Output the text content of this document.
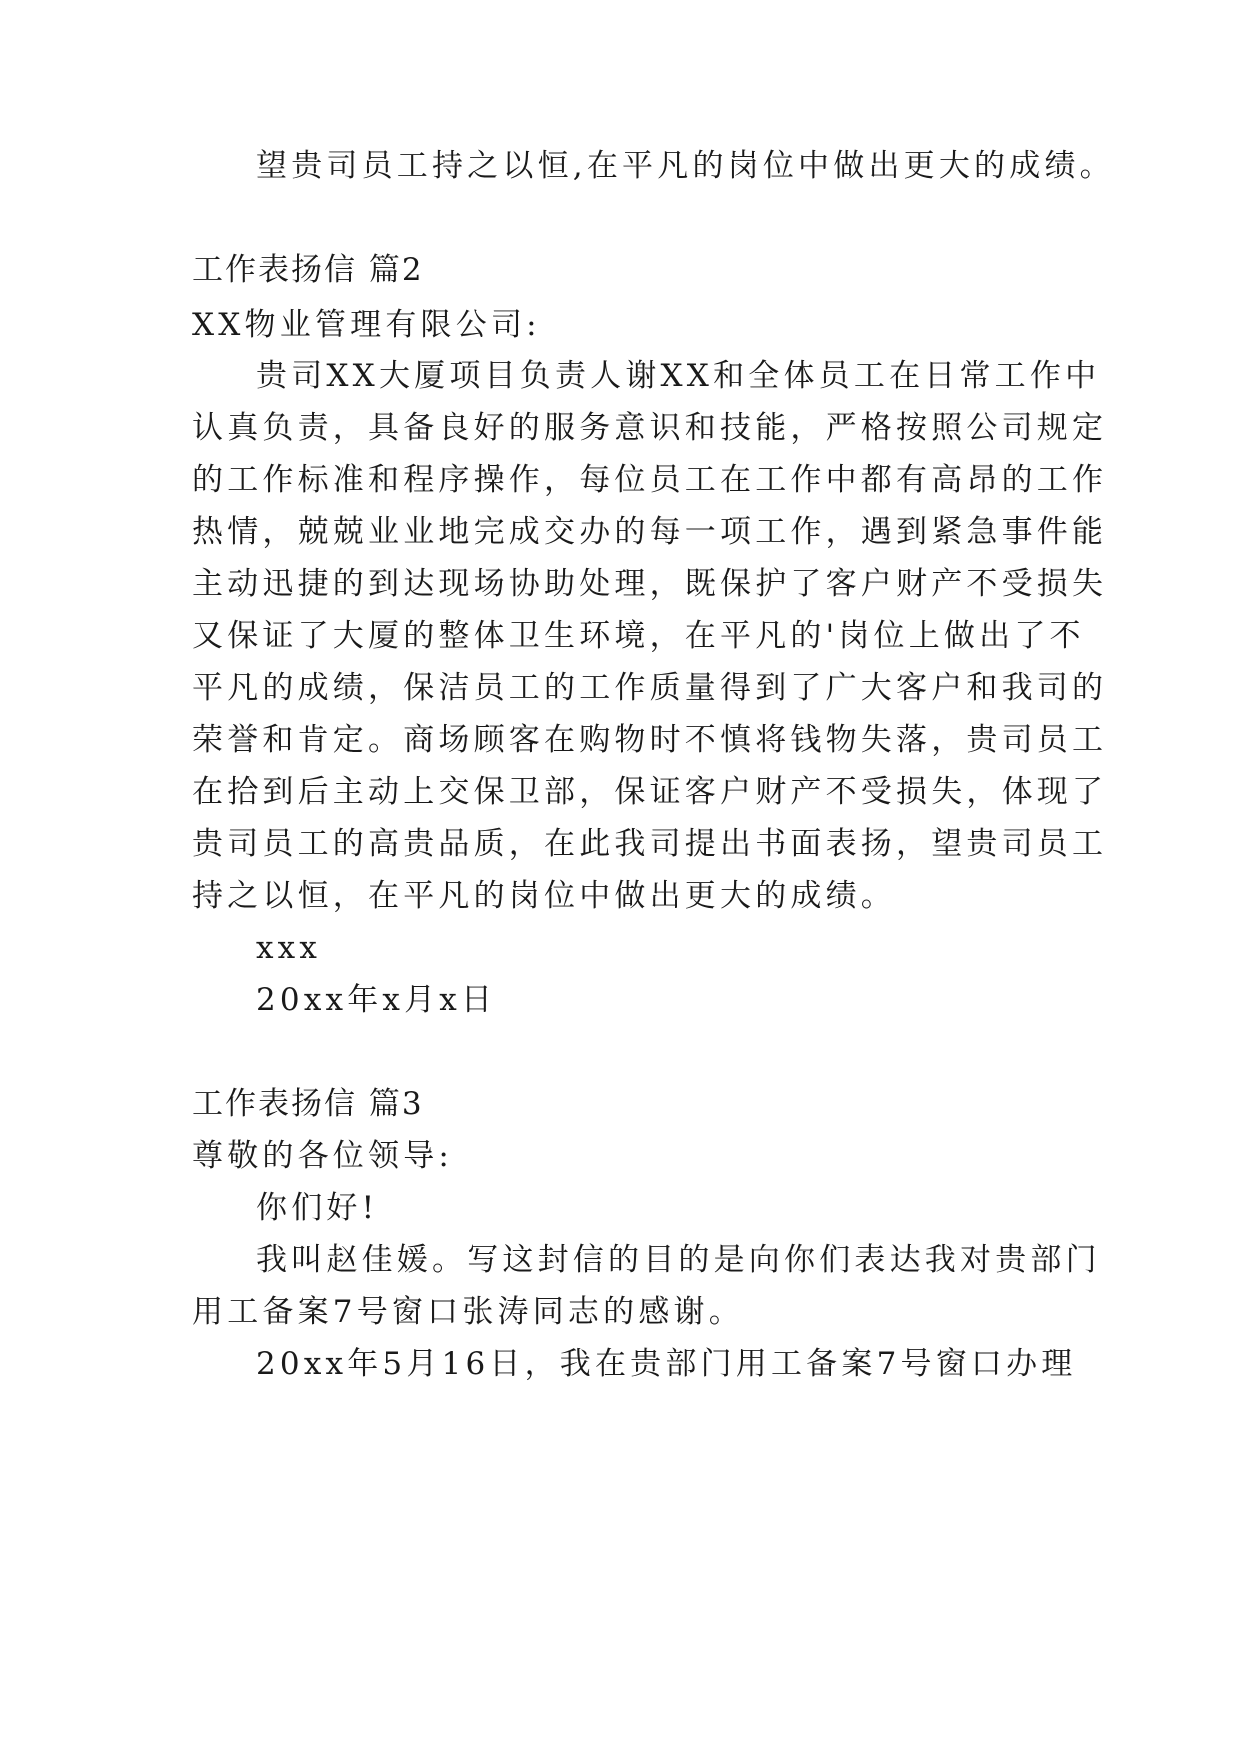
望贵司员工持之以恒,在平凡的岗位中做出更大的成绩。
工作表扬信 篇2
XX物业管理有限公司:
贵司XX大厦项目负责人谢XX和全体员工在日常工作中
认真负责，具备良好的服务意识和技能，严格按照公司规定
的工作标准和程序操作，每位员工在工作中都有高昂的工作
热情，兢兢业业地完成交办的每一项工作，遇到紧急事件能
主动迅捷的到达现场协助处理，既保护了客户财产不受损失
又保证了大厦的整体卫生环境，在平凡的'岗位上做出了不
平凡的成绩，保洁员工的工作质量得到了广大客户和我司的
荣誉和肯定。商场顾客在购物时不慎将钱物失落，贵司员工
在拾到后主动上交保卫部，保证客户财产不受损失，体现了
贵司员工的高贵品质，在此我司提出书面表扬，望贵司员工
持之以恒，在平凡的岗位中做出更大的成绩。
xxx
20xx年x月x日
工作表扬信 篇3
尊敬的各位领导:
你们好!
我叫赵佳媛。写这封信的目的是向你们表达我对贵部门
用工备案7号窗口张涛同志的感谢。
20xx年5月16日，我在贵部门用工备案7号窗口办理
